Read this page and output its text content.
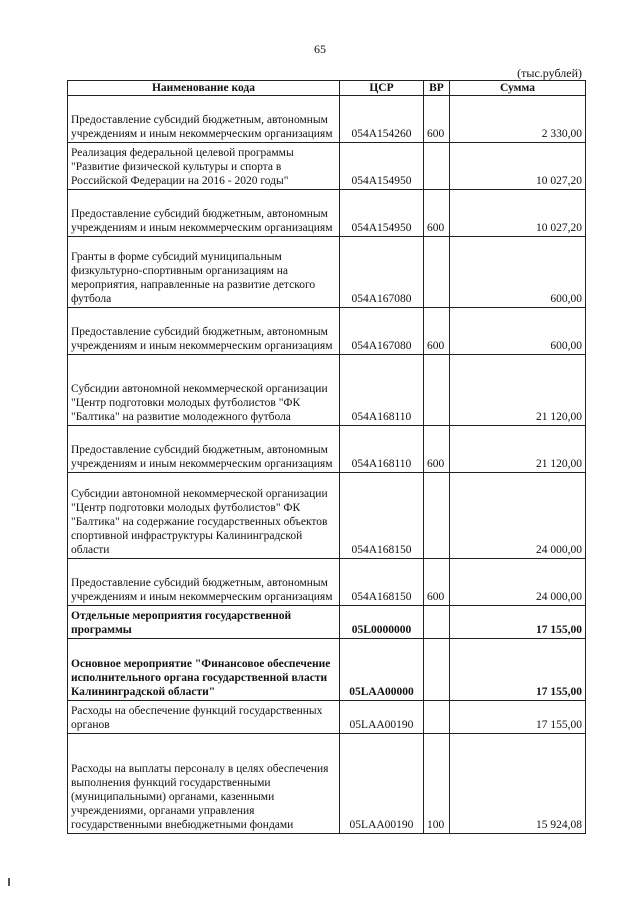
65
(тыс.рублей)
Наименование кода	ЦСР	ВР	Сумма
Предоставление субсидий бюджетным, автономным учреждениям и иным некоммерческим организациям	054A154260	600	2 330,00
Реализация федеральной целевой программы "Развитие физической культуры и спорта в Российской Федерации на 2016 - 2020 годы"	054A154950		10 027,20
Предоставление субсидий бюджетным, автономным учреждениям и иным некоммерческим организациям	054A154950	600	10 027,20
Гранты в форме субсидий муниципальным физкультурно-спортивным организациям на мероприятия, направленные на развитие детского футбола	054A167080		600,00
Предоставление субсидий бюджетным, автономным учреждениям и иным некоммерческим организациям	054A167080	600	600,00
Субсидии автономной некоммерческой организации "Центр подготовки молодых футболистов "ФК "Балтика" на развитие молодежного футбола	054A168110		21 120,00
Предоставление субсидий бюджетным, автономным учреждениям и иным некоммерческим организациям	054A168110	600	21 120,00
Субсидии автономной некоммерческой организации "Центр подготовки молодых футболистов" ФК "Балтика" на содержание государственных объектов спортивной инфраструктуры Калининградской области	054A168150		24 000,00
Предоставление субсидий бюджетным, автономным учреждениям и иным некоммерческим организациям	054A168150	600	24 000,00
Отдельные мероприятия государственной программы	05L0000000		17 155,00
Основное мероприятие "Финансовое обеспечение исполнительного органа государственной власти Калининградской области"	05LAA00000		17 155,00
Расходы на обеспечение функций государственных органов	05LAA00190		17 155,00
Расходы на выплаты персоналу в целях обеспечения выполнения функций государственными (муниципальными) органами, казенными учреждениями, органами управления государственными внебюджетными фондами	05LAA00190	100	15 924,08
